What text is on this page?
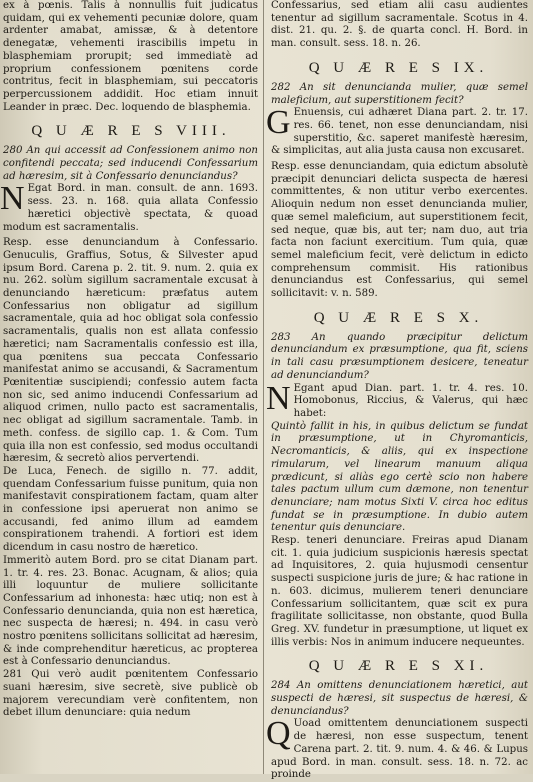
ex à pœnis. Talis à nonnullis fuit judicatus quidam, qui ex vehementi pecuniæ dolore, quam ardenter amabat, amissæ, & à detentore denegatæ, vehementi irascibilis impetu in blasphemiam prorupit; sed immediatè ad proprium confessionem pœnitens corde contritus, fecit in blasphemiam, sui peccatoris perpercussionem addidit. Hoc etiam innuit Leander in præc. Dec. loquendo de blasphemia.

Q U Æ R E S VIII.

280 An qui accessit ad Confessionem animo non confitendi peccata; sed inducendi Confessarium ad hæresim, sit à Confessario denunciandus?

N Egat Bord. in man. consult. de ann. 1693. sess. 23. n. 168. quia allata Confessio hæretici objectivè spectata, & quoad modum est sacramentalis.

Resp. esse denunciandum à Confessario. Genuculis, Graffius, Sotus, & Silvester apud ipsum Bord. Carena p. 2. tit. 9. num. 2. quia ex nu. 262. solùm sigillum sacramentale excusat à denunciando hæreticum: præfatus autem Confessarius non obligatur ad sigillum sacramentale, quia ad hoc obligat sola confessio sacramentalis, qualis non est allata confessio hæretici; nam Sacramentalis confessio est illa, qua pœnitens sua peccata Confessario manifestat animo se accusandi, & Sacramentum Pœnitentiæ suscipiendi; confessio autem facta non sic, sed animo inducendi Confessarium ad aliquod crimen, nullo pacto est sacramentalis, nec obligat ad sigillum sacramentale. Tamb. in meth. confess. de sigillo cap. 1. & Com. Tum quia illa non est confessio, sed modus occultandi hæresim, & secretò alios pervertendi.

De Luca, Fenech. de sigillo n. 77. addit, quendam Confessarium fuisse punitum, quia non manifestavit conspirationem factam, quam alter in confessione ipsi aperuerat non animo se accusandi, fed animo illum ad eamdem conspirationem trahendi. A fortiori est idem dicendum in casu nostro de hæretico.

Immeritò autem Bord. pro se citat Dianam part. 1. tr. 4. res. 23. Bonac. Acugnam, & alios; quia illi loquuntur de muliere sollicitante Confessarium ad inhonesta: hæc utiq; non est à Confessario denuncianda, quia non est hæretica, nec suspecta de hæresi; n. 494. in casu verò nostro pœnitens sollicitans sollicitat ad hæresim, & inde comprehenditur hæreticus, ac propterea est à Confessario denunciandus.

281 Qui verò audit pœnitentem Confessario suani hæresim, sive secretè, sive publicè ob majorem verecundiam verè confitentem, non debet illum denunciare: quia nedum

Confessarius, sed etiam alii casu audientes tenentur ad sigillum sacramentale. Scotus in 4. dist. 21. qu. 2. §. de quarta concl. H. Bord. in man. consult. sess. 18. n. 26.

Q U Æ R E S IX.

282 An sit denuncianda mulier, quæ semel maleficium, aut superstitionem fecit?

G Enuensis, cui adhæret Diana part. 2. tr. 17. res. 66. tenet, non esse denunciandam, nisi superstitio, &c. saperet manifestè hæresim, & simplicitas, aut alia justa causa non excusaret.

Resp. esse denunciandam, quia edictum absolutè præcipit denunciari delicta suspecta de hæresi committentes, & non utitur verbo exercentes. Alioquin nedum non esset denuncianda mulier, quæ semel maleficium, aut superstitionem fecit, sed neque, quæ bis, aut ter; nam duo, aut tria facta non faciunt exercitium. Tum quia, quæ semel maleficium fecit, verè delictum in edicto comprehensum commisit. His rationibus denunciandus est Confessarius, qui semel sollicitavit: v. n. 589.

Q U Æ R E S X.

283 An quando præcipitur delictum denunciandum ex præsumptione, qua fit, sciens in tali casu præsumptionem desicere, teneatur ad denunciandum?

N Egant apud Dian. part. 1. tr. 4. res. 10. Homobonus, Riccius, & Valerus, qui hæc habet:

Quintò fallit in his, in quibus delictum se fundat in præsumptione, ut in Chyromanticis, Necromanticis, & aliis, qui ex inspectione rimularum, vel linearum manuum aliqua prædicunt, si aliàs ego certè scio non habere tales pactum ullum cum dæmone, non tenentur denunciare; nam motus Sixti V. circa hoc editus fundat se in præsumptione. In dubio autem tenentur quis denunciare.

Resp. teneri denunciare. Freiras apud Dianam cit. 1. quia judicium suspicionis hæresis spectat ad Inquisitores, 2. quia hujusmodi censentur suspecti suspicione juris de jure; & hac ratione in n. 603. dicimus, mulierem teneri denunciare Confessarium sollicitantem, quæ scit ex pura fragilitate sollicitasse, non obstante, quod Bulla Greg. XV. fundetur in præsumptione, ut liquet ex illis verbis: Nos in animum inducere nequeuntes.

Q U Æ R E S XI.

284 An omittens denunciationem hæretici, aut suspecti de hæresi, sit suspectus de hæresi, & denunciandus?

Q Uoad omittentem denunciationem suspecti de hæresi, non esse suspectum, tenent Carena part. 2. tit. 9. num. 4. & 46. & Lupus apud Bord. in man. consult. sess. 18. n. 72. ac proinde
